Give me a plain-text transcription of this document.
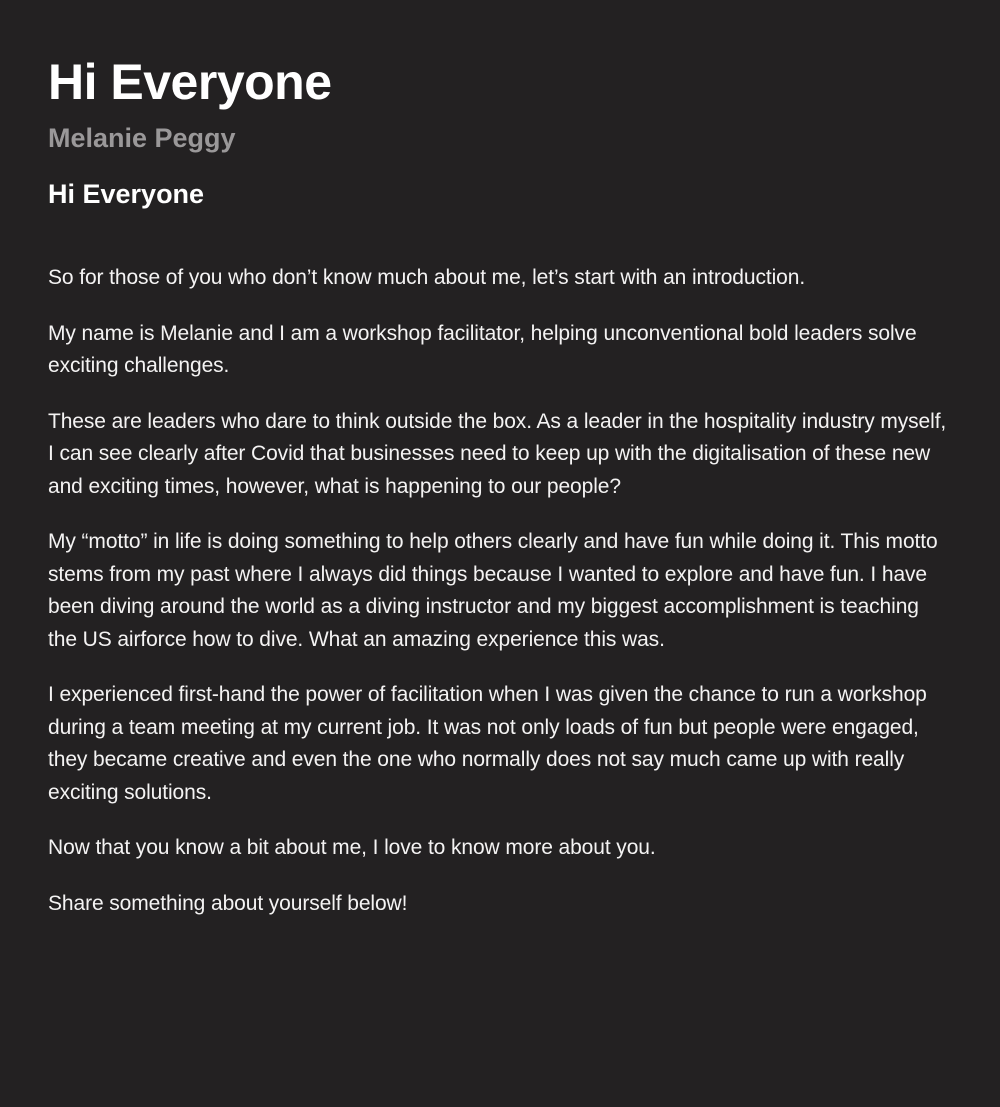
Hi Everyone
Melanie Peggy
Hi Everyone

So for those of you who don’t know much about me, let’s start with an introduction.

My name is Melanie and I am a workshop facilitator, helping unconventional bold leaders solve exciting challenges.

These are leaders who dare to think outside the box. As a leader in the hospitality industry myself, I can see clearly after Covid that businesses need to keep up with the digitalisation of these new and exciting times, however, what is happening to our people?

My “motto” in life is doing something to help others clearly and have fun while doing it. This motto stems from my past where I always did things because I wanted to explore and have fun. I have been diving around the world as a diving instructor and my biggest accomplishment is teaching the US airforce how to dive. What an amazing experience this was.

I experienced first-hand the power of facilitation when I was given the chance to run a workshop during a team meeting at my current job. It was not only loads of fun but people were engaged, they became creative and even the one who normally does not say much came up with really exciting solutions.

Now that you know a bit about me, I love to know more about you.

Share something about yourself below!
